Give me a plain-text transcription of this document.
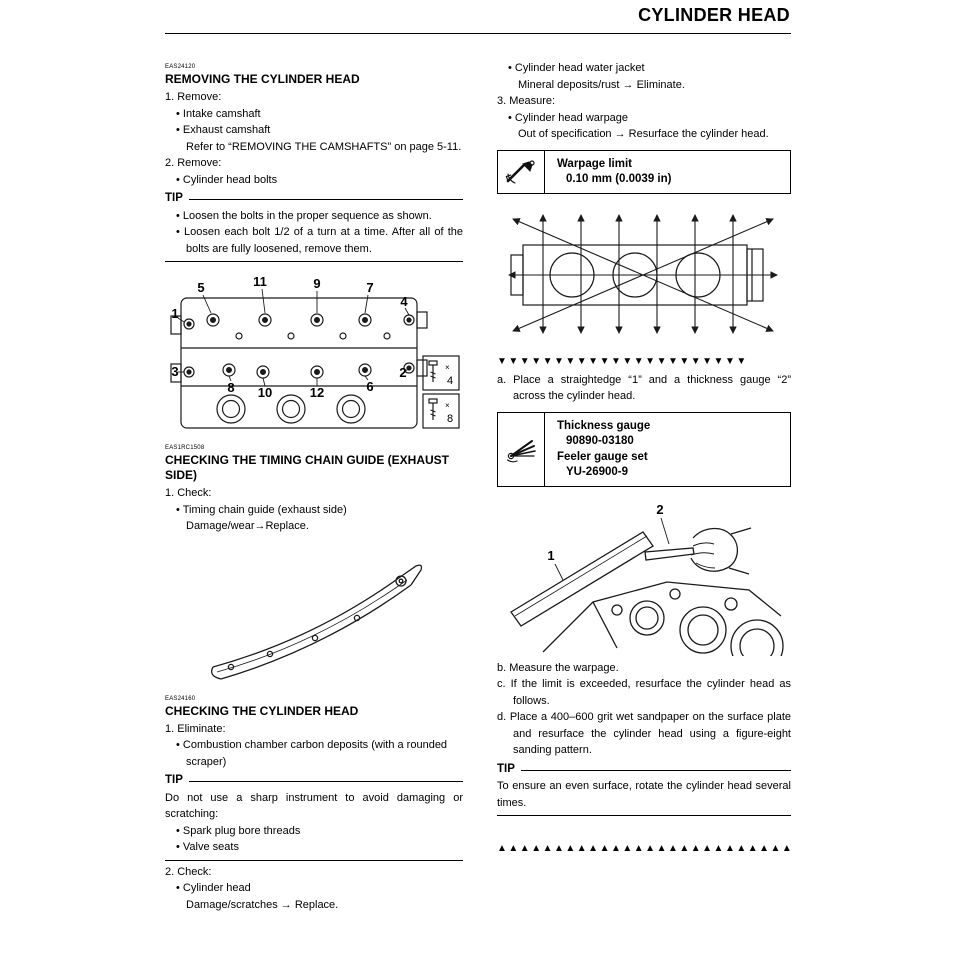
CYLINDER HEAD
EAS24120
REMOVING THE CYLINDER HEAD

1. Remove:

• Intake camshaft

• Exhaust camshaft

Refer to “REMOVING THE CAMSHAFTS” on page 5-11.

2. Remove:

• Cylinder head bolts

TIP

• Loosen the bolts in the proper sequence as shown.

• Loosen each bolt 1/2 of a turn at a time. After all of the bolts are fully loosened, remove them.

1
5	11	9	7
4
3
8 10	12	6
2	×
4
×
8
EAS1RC1508
CHECKING THE TIMING CHAIN GUIDE (EXHAUST SIDE)

1. Check:

• Timing chain guide (exhaust side)

Damage/wear→Replace.

EAS24160
CHECKING THE CYLINDER HEAD

1. Eliminate:

• Combustion chamber carbon deposits (with a rounded scraper)

TIP

Do not use a sharp instrument to avoid damaging or scratching:

• Spark plug bore threads

• Valve seats

2. Check:

• Cylinder head

Damage/scratches → Replace.

• Cylinder head water jacket

Mineral deposits/rust → Eliminate.

3. Measure:

• Cylinder head warpage

Out of specification → Resurface the cylinder head.

Warpage limit
0.10 mm (0.0039 in)
▼▼▼▼▼▼▼▼▼▼▼▼▼▼▼▼▼▼▼▼▼▼

a. Place a straightedge “1” and a thickness gauge “2” across the cylinder head.

Thickness gauge
90890-03180
Feeler gauge set
YU-26900-9
1
2

b. Measure the warpage.

c. If the limit is exceeded, resurface the cylinder head as follows.

d. Place a 400–600 grit wet sandpaper on the surface plate and resurface the cylinder head using a figure-eight sanding pattern.

TIP

To ensure an even surface, rotate the cylinder head several times.

▲▲▲▲▲▲▲▲▲▲▲▲▲▲▲▲▲▲▲▲▲▲▲▲▲▲
